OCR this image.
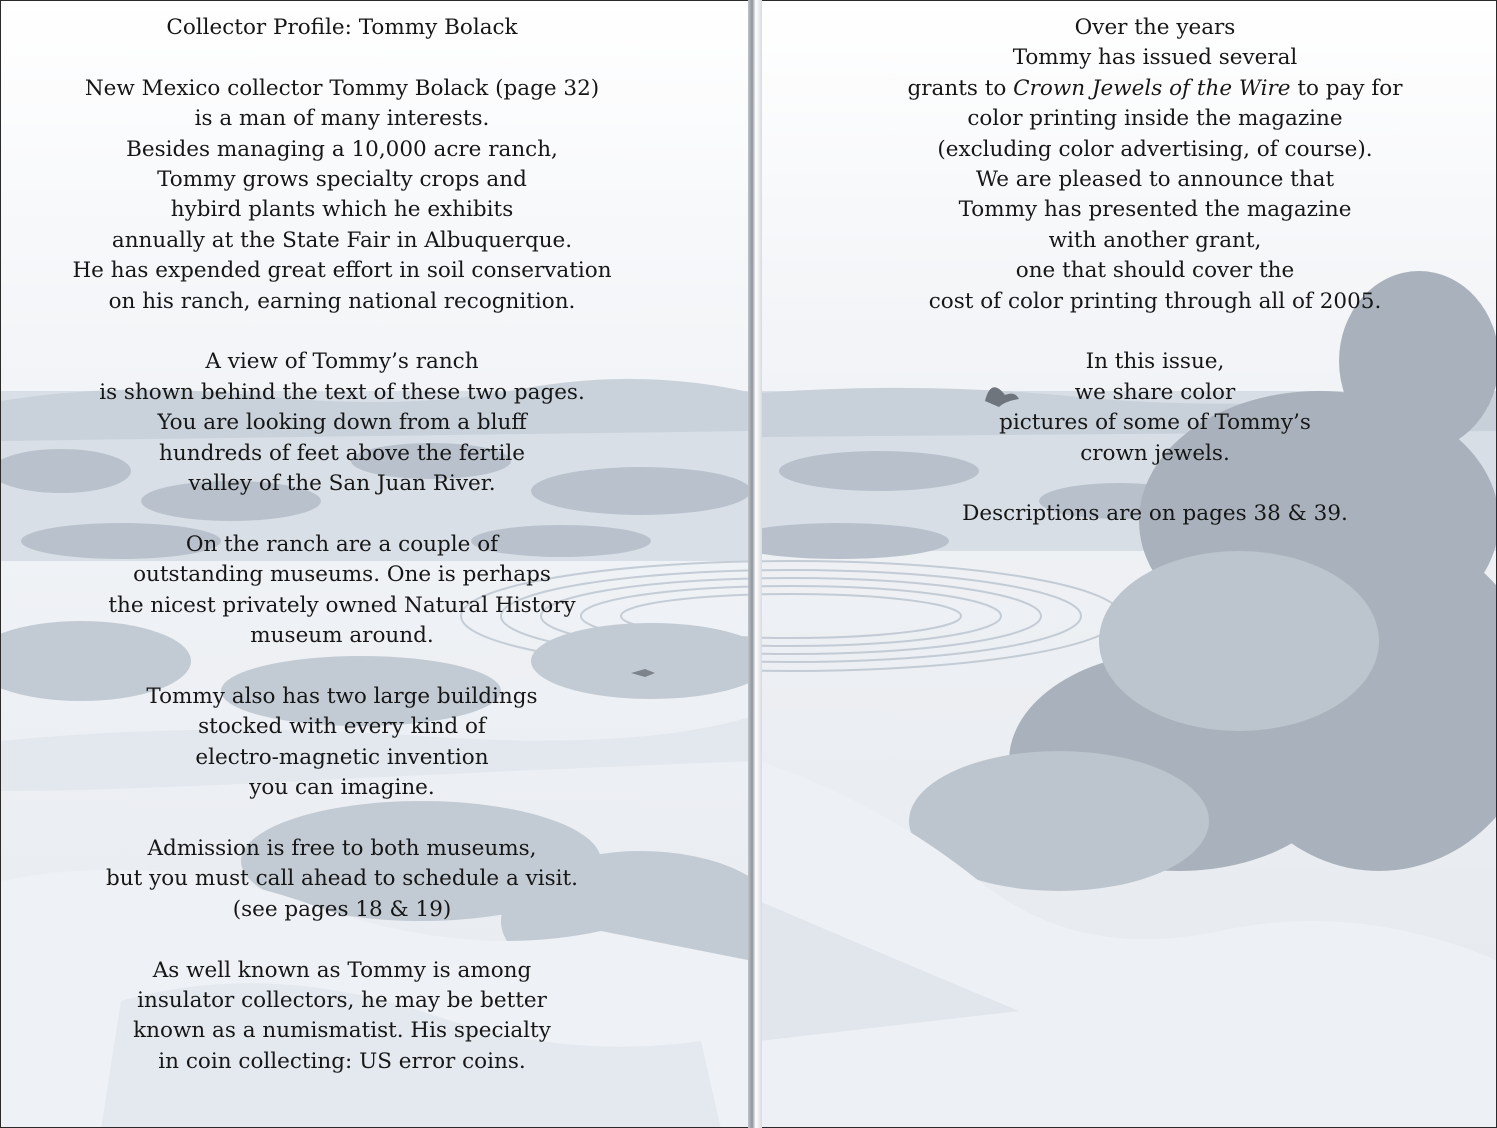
Collector Profile: Tommy Bolack

New Mexico collector Tommy Bolack (page 32)

is a man of many interests.

Besides managing a 10,000 acre ranch,

Tommy grows specialty crops and

hybird plants which he exhibits

annually at the State Fair in Albuquerque.

He has expended great effort in soil conservation

on his ranch, earning national recognition.

A view of Tommy’s ranch

is shown behind the text of these two pages.

You are looking down from a bluff

hundreds of feet above the fertile

valley of the San Juan River.

On the ranch are a couple of

outstanding museums. One is perhaps

the nicest privately owned Natural History

museum around.

Tommy also has two large buildings

stocked with every kind of

electro-magnetic invention

you can imagine.

Admission is free to both museums,

but you must call ahead to schedule a visit.

(see pages 18 & 19)

As well known as Tommy is among

insulator collectors, he may be better

known as a numismatist. His specialty

in coin collecting: US error coins.

Over the years

Tommy has issued several

grants to Crown Jewels of the Wire to pay for

color printing inside the magazine

(excluding color advertising, of course).

We are pleased to announce that

Tommy has presented the magazine

with another grant,

one that should cover the

cost of color printing through all of 2005.

In this issue,

we share color

pictures of some of Tommy’s

crown jewels.

Descriptions are on pages 38 & 39.
